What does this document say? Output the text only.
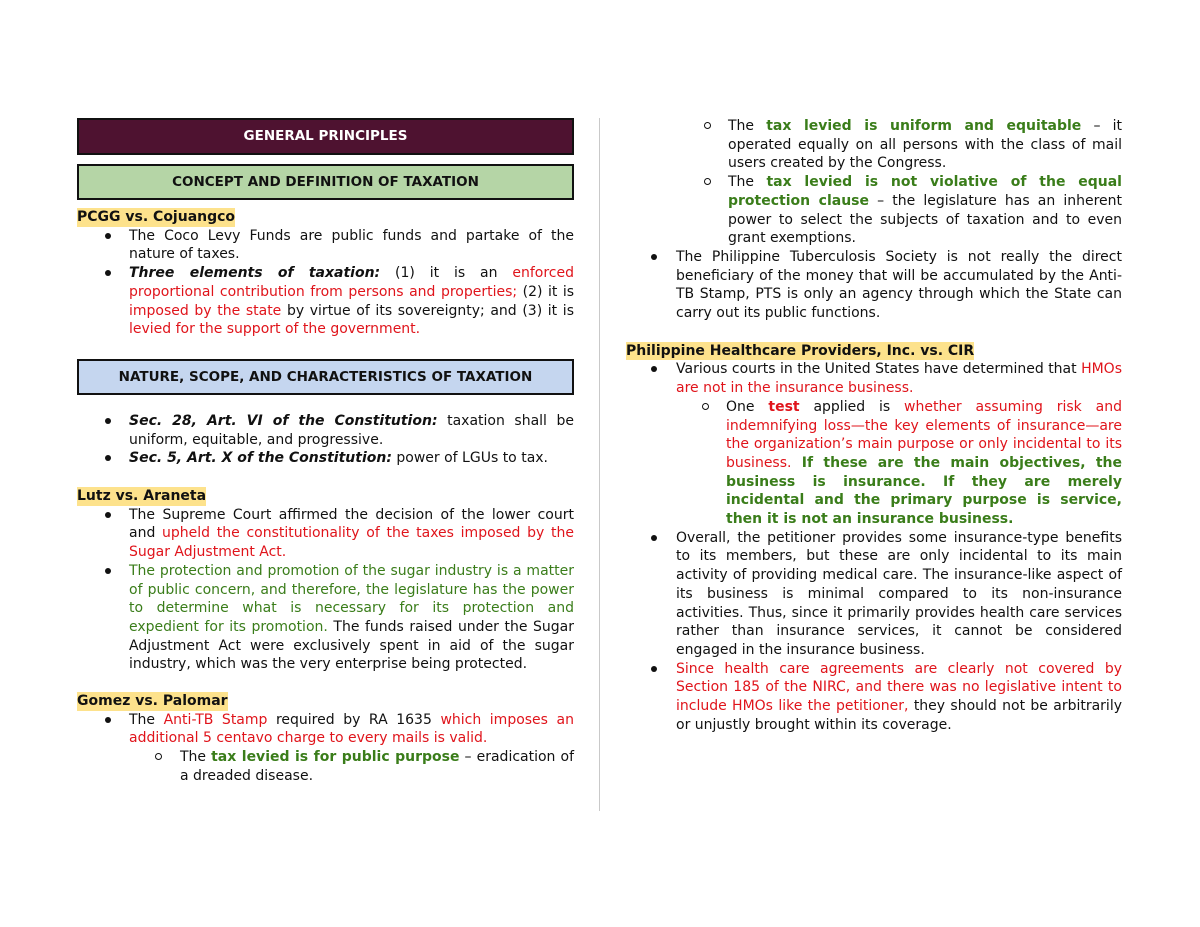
GENERAL PRINCIPLES
CONCEPT AND DEFINITION OF TAXATION
PCGG vs. Cojuangco
The Coco Levy Funds are public funds and partake of the nature of taxes.
Three elements of taxation: (1) it is an enforced proportional contribution from persons and properties; (2) it is imposed by the state by virtue of its sovereignty; and (3) it is levied for the support of the government.
NATURE, SCOPE, AND CHARACTERISTICS OF TAXATION
Sec. 28, Art. VI of the Constitution: taxation shall be uniform, equitable, and progressive.
Sec. 5, Art. X of the Constitution: power of LGUs to tax.
Lutz vs. Araneta
The Supreme Court affirmed the decision of the lower court and upheld the constitutionality of the taxes imposed by the Sugar Adjustment Act.
The protection and promotion of the sugar industry is a matter of public concern, and therefore, the legislature has the power to determine what is necessary for its protection and expedient for its promotion. The funds raised under the Sugar Adjustment Act were exclusively spent in aid of the sugar industry, which was the very enterprise being protected.
Gomez vs. Palomar
The Anti-TB Stamp required by RA 1635 which imposes an additional 5 centavo charge to every mails is valid.
The tax levied is for public purpose – eradication of a dreaded disease.
The tax levied is uniform and equitable – it operated equally on all persons with the class of mail users created by the Congress.
The tax levied is not violative of the equal protection clause – the legislature has an inherent power to select the subjects of taxation and to even grant exemptions.
The Philippine Tuberculosis Society is not really the direct beneficiary of the money that will be accumulated by the Anti-TB Stamp, PTS is only an agency through which the State can carry out its public functions.
Philippine Healthcare Providers, Inc. vs. CIR
Various courts in the United States have determined that HMOs are not in the insurance business.
One test applied is whether assuming risk and indemnifying loss—the key elements of insurance—are the organization’s main purpose or only incidental to its business. If these are the main objectives, the business is insurance. If they are merely incidental and the primary purpose is service, then it is not an insurance business.
Overall, the petitioner provides some insurance-type benefits to its members, but these are only incidental to its main activity of providing medical care. The insurance-like aspect of its business is minimal compared to its non-insurance activities. Thus, since it primarily provides health care services rather than insurance services, it cannot be considered engaged in the insurance business.
Since health care agreements are clearly not covered by Section 185 of the NIRC, and there was no legislative intent to include HMOs like the petitioner, they should not be arbitrarily or unjustly brought within its coverage.
